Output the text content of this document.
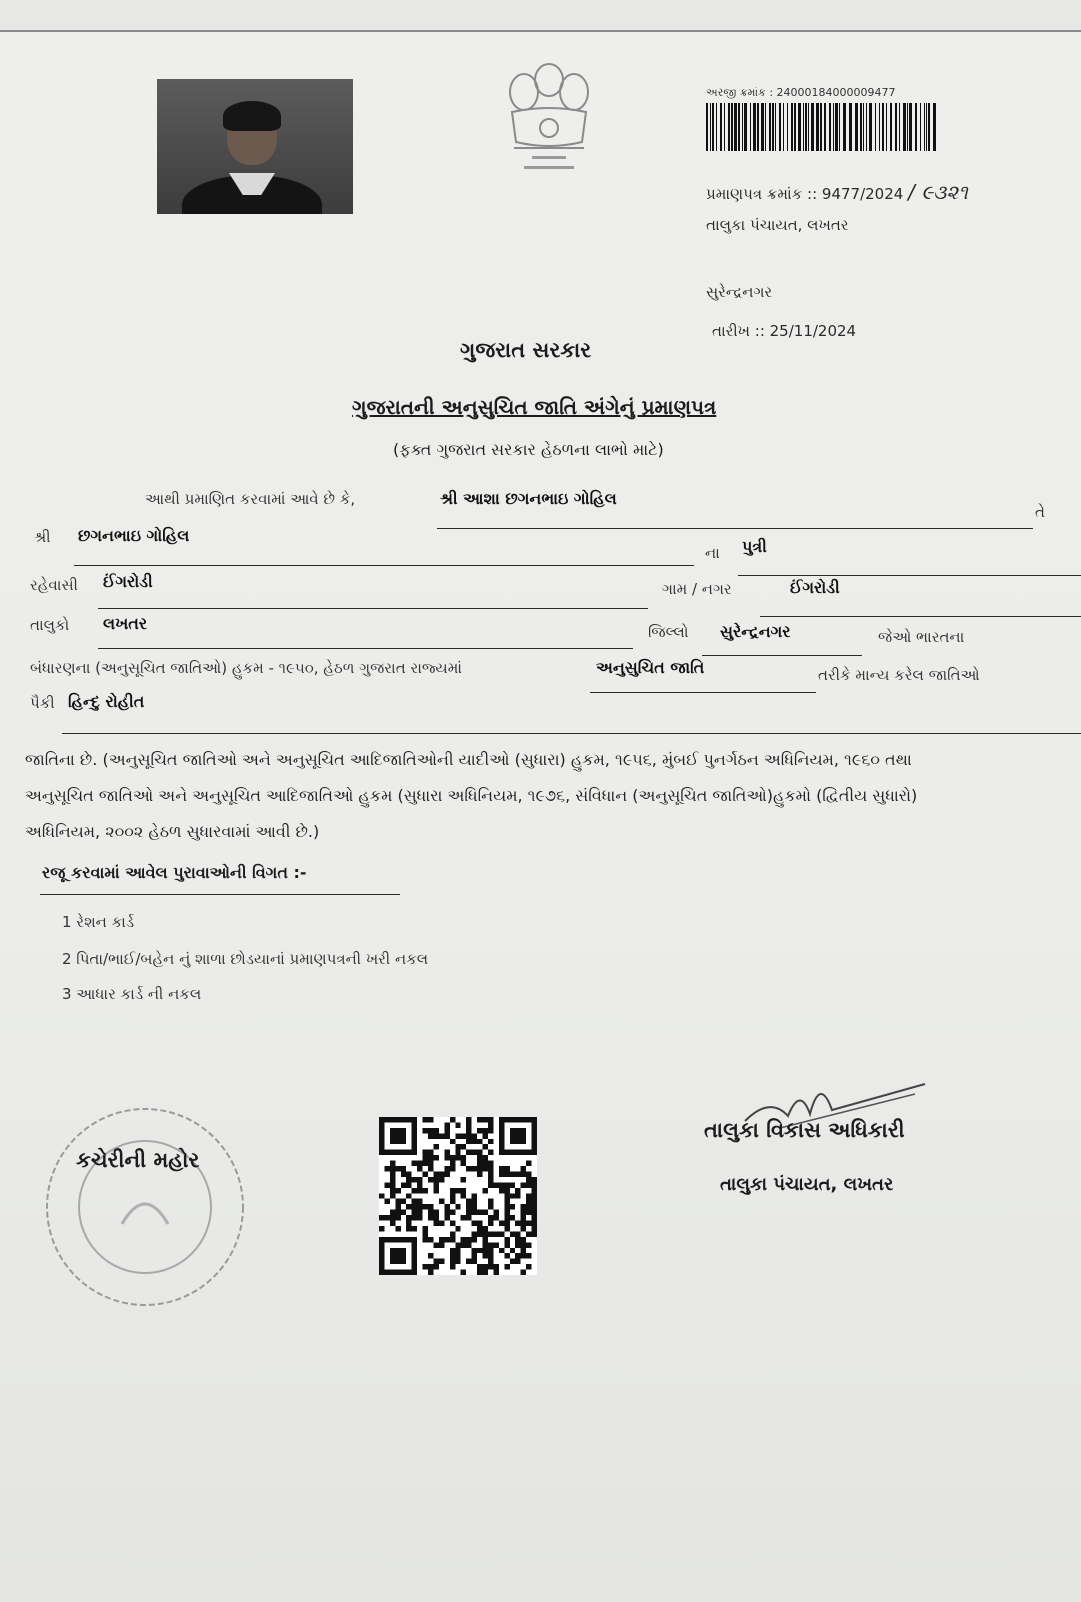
અરજી ક્રમાંક : 24000184000009477
પ્રમાણપત્ર ક્રમાંક :: 9477/2024 / ૯૩૨૧
તાલુકા પંચાયત, લખતર
સુરેન્દ્રનગર
તારીખ :: 25/11/2024
ગુજરાત સરકાર
ગુજરાતની અનુસુચિત જાતિ અંગેનું પ્રમાણપત્ર
(ફક્ત ગુજરાત સરકાર હેઠળના લાભો માટે)
આથી પ્રમાણિત કરવામાં આવે છે કે,	શ્રી આશા છગનભાઇ ગોહિલ
તે
શ્રી છગનભાઇ ગોહિલ
ના પુત્રી
રહેવાસી ઈંગરોડી	ગામ / નગર	ઈંગરોડી
તાલુકો લખતર	જિલ્લો સુરેન્દ્રનગર	જેઓ ભારતના
બંધારણના (અનુસૂચિત જાતિઓ) હુકમ - ૧૯૫૦, હેઠળ ગુજરાત રાજ્યમાં	અનુસુચિત જાતિ	તરીકે માન્ય કરેલ જાતિઓ
પૈકી હિન્દુ રોહીત
જાતિના છે. (અનુસૂચિત જાતિઓ અને અનુસૂચિત આદિજાતિઓની યાદીઓ (સુધારા) હુકમ, ૧૯૫૬, મુંબઈ પુનર્ગઠન અધિનિયમ, ૧૯૬૦ તથા
અનુસૂચિત જાતિઓ અને અનુસૂચિત આદિજાતિઓ હુકમ (સુધારા અધિનિયમ, ૧૯૭૬, સંવિધાન (અનુસૂચિત જાતિઓ)હુકમો (દ્વિતીય સુધારો)
અધિનિયમ, ૨૦૦૨ હેઠળ સુધારવામાં આવી છે.)
રજૂ કરવામાં આવેલ પુરાવાઓની વિગત :-
1 રેશન કાર્ડ
2 પિતા/ભાઈ/બહેન નું શાળા છોડયાનાં પ્રમાણપત્રની ખરી નકલ
3 આધાર કાર્ડ ની નકલ
કચેરીની મહોર
તાલુકા વિકાસ અધિકારી
તાલુકા પંચાયત, લખતર
